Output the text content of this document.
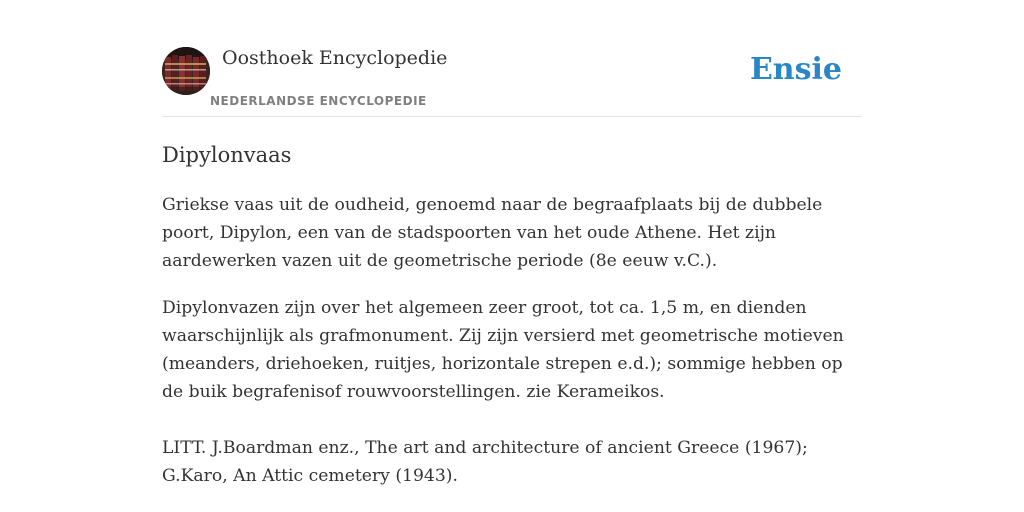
Oosthoek Encyclopedie
NEDERLANDSE ENCYCLOPEDIE
Ensie
Dipylonvaas

Griekse vaas uit de oudheid, genoemd naar de begraafplaats bij de dubbele poort, Dipylon, een van de stadspoorten van het oude Athene. Het zijn aardewerken vazen uit de geometrische periode (8e eeuw v.C.).

Dipylonvazen zijn over het algemeen zeer groot, tot ca. 1,5 m, en dienden waarschijnlijk als grafmonument. Zij zijn versierd met geometrische motieven (meanders, driehoeken, ruitjes, horizontale strepen e.d.); sommige hebben op de buik begrafenisof rouwvoorstellingen. zie Kerameikos.

LITT. J.Boardman enz., The art and architecture of ancient Greece (1967); G.Karo, An Attic cemetery (1943).
